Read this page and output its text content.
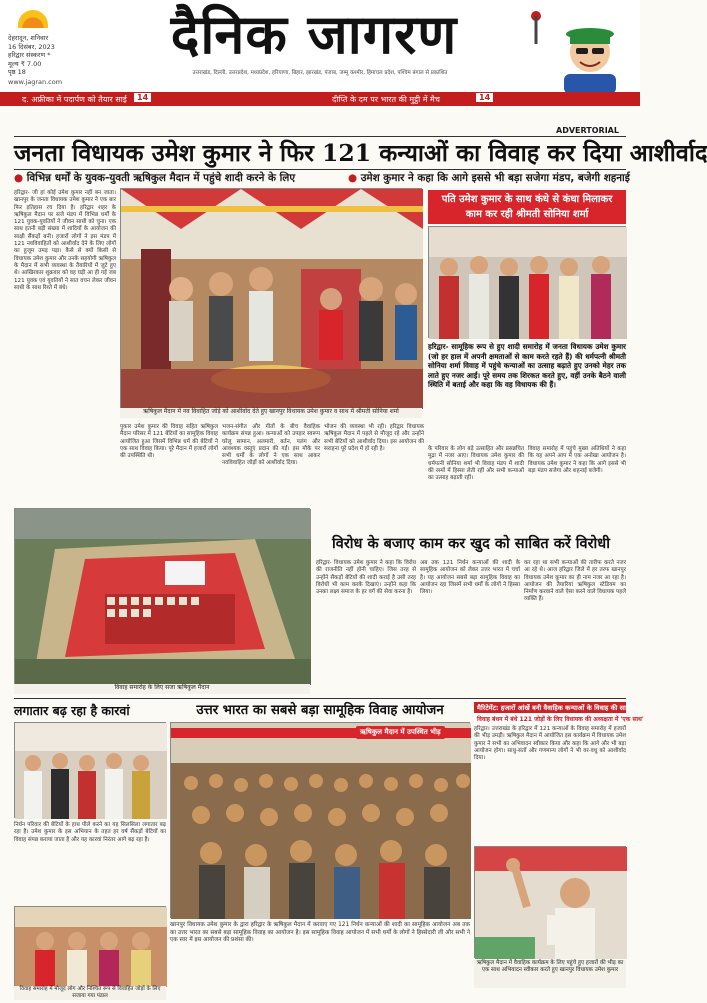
देहरादून, शनिवार
16 दिसंबर, 2023
हरिद्वार संस्करण *
मूल्य ₹ 7.00
पृष्ठ 18
दैनिक जागरण
उत्तराखंड, दिल्ली, उत्तरप्रदेश, मध्यप्रदेश, हरियाणा, बिहार, झारखंड, पंजाब, जम्मू कश्मीर, हिमाचल प्रदेश, पश्चिम बंगाल से प्रकाशित
www.jagran.com
द. अफ्रीका में पदार्पण को तैयार साई	14	दीप्ति के दम पर भारत की मुट्ठी में मैच	14
ADVERTORIAL
जनता विधायक उमेश कुमार ने फिर 121 कन्याओं का विवाह कर दिया आशीर्वाद
● विभिन्न धर्मों के युवक-युवती ऋषिकुल मैदान में पहुंचे शादी करने के लिए	● उमेश कुमार ने कहा कि आगे इससे भी बड़ा सजेगा मंडप, बजेगी शहनाई
हरिद्वार- जी हां कोई उमेश कुमार नहीं बन जाता। खानपुर के जनता विधायक उमेश कुमार ने एक बार फिर इतिहास रच दिया है। हरिद्वार शहर के ऋषिकुल मैदान पर सजे मंडप में विभिन्न धर्मों के 121 युवक-युवतियों ने जीवन साथी को चुना। एक साथ इतनी बड़ी संख्या में शादियों के आयोजन की साक्षी सैंकड़ों बनी। हजारों लोगों ने इस मंडप में 121 नवविवाहितों को आशीर्वाद देने के लिए लोगों का हुजूम उमड़ पड़ा। कैसे से क्यों किसी से विधायक उमेश कुमार और उनके सहयोगी ऋषिकुल के मैदान में सभी व्यवस्था के तैयारियों में जुटे हुए थे। आखिरकार शुक्रवार को वह घड़ी आ ही गई जब 121 युवक एवं युवतियों ने सात वचन लेकर जीवन साथी के साथ रिश्ते में बंधे।
ऋषिकुल मैदान में नव विवाहित जोड़े को आशीर्वाद देते हुए खानपुर विधायक उमेश कुमार व साथ में श्रीमती सोनिया शर्मा
पति उमेश कुमार के साथ कंधे से कंधा मिलाकर काम कर रही श्रीमती सोनिया शर्मा
हरिद्वार- सामूहिक रूप से हुए शादी समारोह में जनता विधायक उमेश कुमार (जो हर हाल में अपनी क्षमताओं से काम करते रहते हैं) की धर्मपत्नी श्रीमती सोनिया शर्मा विवाह में पहुंचे कन्याओं का उत्साह बढ़ाते हुए उनको मेहर तक लाते हुए नजर आईं। पूरे समय तक शिरकत करते हुए, वहीं उनके बैठने वाली स्थिति में बताई और कहा कि वह विधायक की हैं।
पुकार उमेश कुमार की विवाह सहित ऋषिकुल मैदान परिसर में 121 बेटियों का सामूहिक विवाह आयोजित हुआ जिसमें विभिन्न धर्म की बेटियों ने एक साथ विवाह किया। पूरे मैदान में हजारों लोगों की उपस्थिति थी।
भजन-संगीत और गीतों के बीच वैवाहिक कार्यक्रम संपन्न हुआ। कन्याओं को उपहार स्वरूप घरेलू सामान, अलमारी, बर्तन, पलंग और आवश्यक वस्तुएं प्रदान की गईं। इस मौके पर सभी धर्मों के लोगों ने एक साथ आकर नवविवाहित जोड़ों को आशीर्वाद दिया।
भोजन की व्यवस्था भी रही। हरिद्वार विधायक ऋषिकुल मैदान में पहले से मौजूद रहे और उन्होंने सभी बेटियों को आशीर्वाद दिया। इस आयोजन की सराहना पूरे प्रदेश में हो रही है।	के परिवार के लोग बड़े उत्साहित और प्रसन्नचित मुद्रा में नजर आए। विधायक उमेश कुमार की धर्मपत्नी सोनिया शर्मा भी विवाह मंडप में शादी की रस्मों में हिस्सा लेती रहीं और सभी कन्याओं का उत्साह बढ़ाती रहीं।
विवाह समारोह में पहुंचे मुख्य अतिथियों ने कहा कि यह अपने आप में एक अनोखा आयोजन है। विधायक उमेश कुमार ने कहा कि आगे इससे भी बड़ा मंडप सजेगा और शहनाई बजेगी।
विवाह समारोह के लिए सजा ऋषिकुल मैदान
विरोध के बजाए काम कर खुद को साबित करें विरोधी
हरिद्वार- विधायक उमेश कुमार ने कहा कि विरोध की राजनीति नहीं होनी चाहिए। जिस तरह से उन्होंने सैकड़ों बेटियों की शादी कराई है उसी तरह विरोधी भी काम करके दिखाएं। उन्होंने कहा कि उनका लक्ष्य समाज के हर वर्ग की सेवा करना है।
अब तक 121 निर्धन कन्याओं की शादी के सामूहिक आयोजन को लेकर उत्तर भारत में चर्चा है। यह आयोजन सबसे बड़ा सामूहिक विवाह का आयोजन रहा जिसमें सभी धर्मों के लोगों ने हिस्सा लिया।
कर रहा था सभी कन्याओं की तारीफ करते नजर आ रहे थे। आज हरिद्वार जिले में हर तरफ खानपुर विधायक उमेश कुमार का ही नाम नजर आ रहा है। आयोजन की तैयारियां ऋषिकुल स्टेडियम का निर्माण करवाने वाले ऐसा करने वाले विधायक पहले व्यक्ति हैं।
लगातार बढ़ रहा है कारवां
निर्धन परिवार की बेटियों के हाथ पीले करने का यह सिलसिला लगातार बढ़ रहा है। उमेश कुमार के इस अभियान के तहत हर वर्ष सैंकड़ों बेटियों का विवाह संपन्न कराया जाता है और यह कारवां निरंतर आगे बढ़ रहा है।
विवाह समारोह में मौजूद लोग और निश्चित रूप से विवाहित जोड़ों के लिए सजाया गया पंडाल
उत्तर भारत का सबसे बड़ा सामूहिक विवाह आयोजन
ऋषिकुल मैदान में उपस्थित भीड़
खानपुर विधायक उमेश कुमार के द्वारा हरिद्वार के ऋषिकुल मैदान में करवाए गए 121 निर्धन कन्याओं की शादी का सामूहिक आयोजन अब तक का उत्तर भारत का सबसे बड़ा सामूहिक विवाह का आयोजन है। इस सामूहिक विवाह आयोजन में सभी धर्मों के लोगों ने हिस्सेदारी ली और सभी ने एक स्वर में इस आयोजन की प्रशंसा की।
मैरिटेमेंट: हजारों आंखें बनी वैवाहिक कन्याओं के विवाह की साक्षी
विवाह बंधन में बंधे 121 जोड़ों के लिए विधायक की अध्यक्षता में 'एक साथ'
हरिद्वार। उत्तराखंड के हरिद्वार में 121 कन्याओं के विवाह समारोह में हजारों की भीड़ उमड़ी। ऋषिकुल मैदान में आयोजित इस कार्यक्रम में विधायक उमेश कुमार ने सभी का अभिवादन स्वीकार किया और कहा कि आगे और भी बड़ा आयोजन होगा। साधु-संतों और गणमान्य लोगों ने भी वर-वधु को आशीर्वाद दिया।
ऋषिकुल मैदान में वैवाहिक कार्यक्रम के लिए पहुंचे हुए हजारों की भीड़ का एक साथ अभिवादन स्वीकार करते हुए खानपुर विधायक उमेश कुमार
